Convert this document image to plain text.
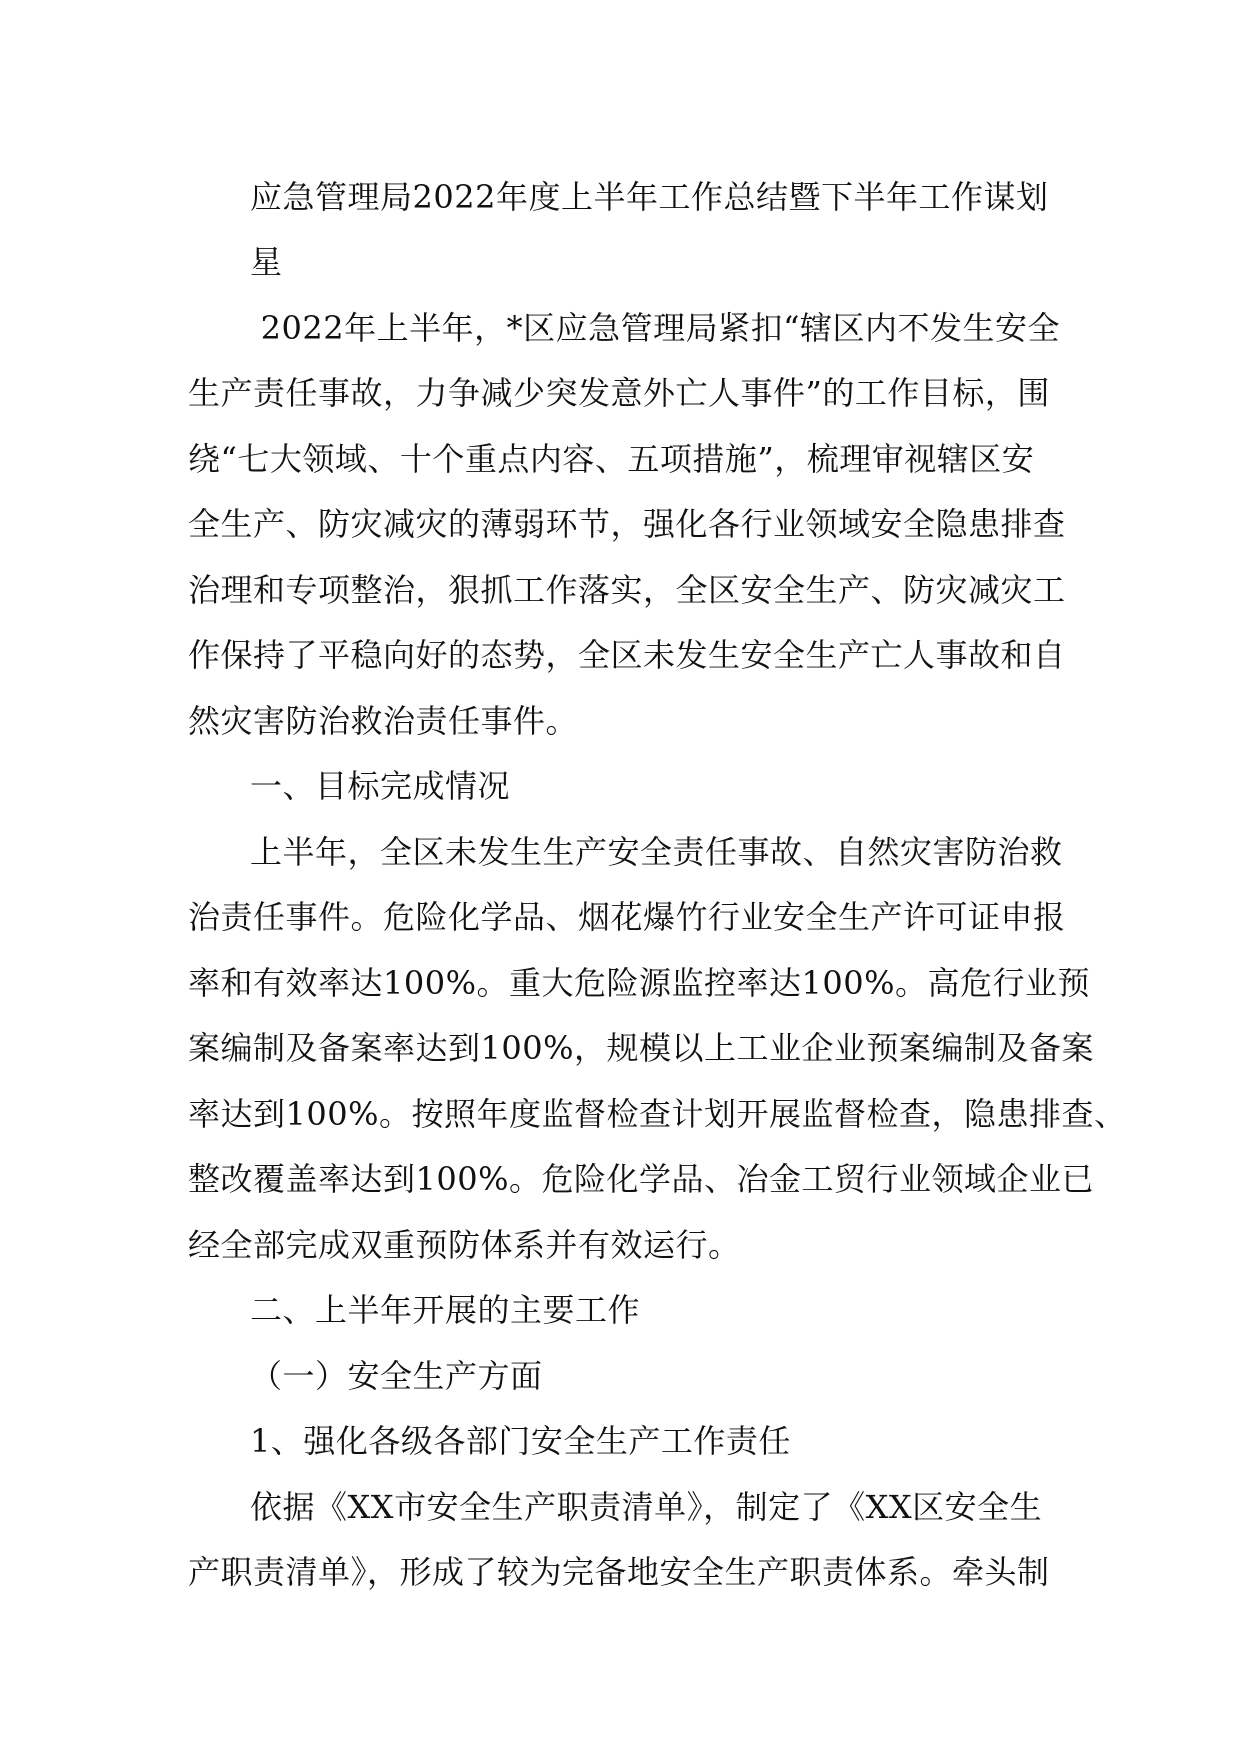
应急管理局2022年度上半年工作总结暨下半年工作谋划
星
2022年上半年，*区应急管理局紧扣“辖区内不发生安全
生产责任事故，力争减少突发意外亡人事件”的工作目标，围
绕“七大领域、十个重点内容、五项措施”，梳理审视辖区安
全生产、防灾减灾的薄弱环节，强化各行业领域安全隐患排查
治理和专项整治，狠抓工作落实，全区安全生产、防灾减灾工
作保持了平稳向好的态势，全区未发生安全生产亡人事故和自
然灾害防治救治责任事件。
一、目标完成情况
上半年，全区未发生生产安全责任事故、自然灾害防治救
治责任事件。危险化学品、烟花爆竹行业安全生产许可证申报
率和有效率达100%。重大危险源监控率达100%。高危行业预
案编制及备案率达到100%，规模以上工业企业预案编制及备案
率达到100%。按照年度监督检查计划开展监督检查，隐患排查、
整改覆盖率达到100%。危险化学品、冶金工贸行业领域企业已
经全部完成双重预防体系并有效运行。
二、上半年开展的主要工作
（一）安全生产方面
1、强化各级各部门安全生产工作责任
依据《XX市安全生产职责清单》，制定了《XX区安全生
产职责清单》，形成了较为完备地安全生产职责体系。牵头制
